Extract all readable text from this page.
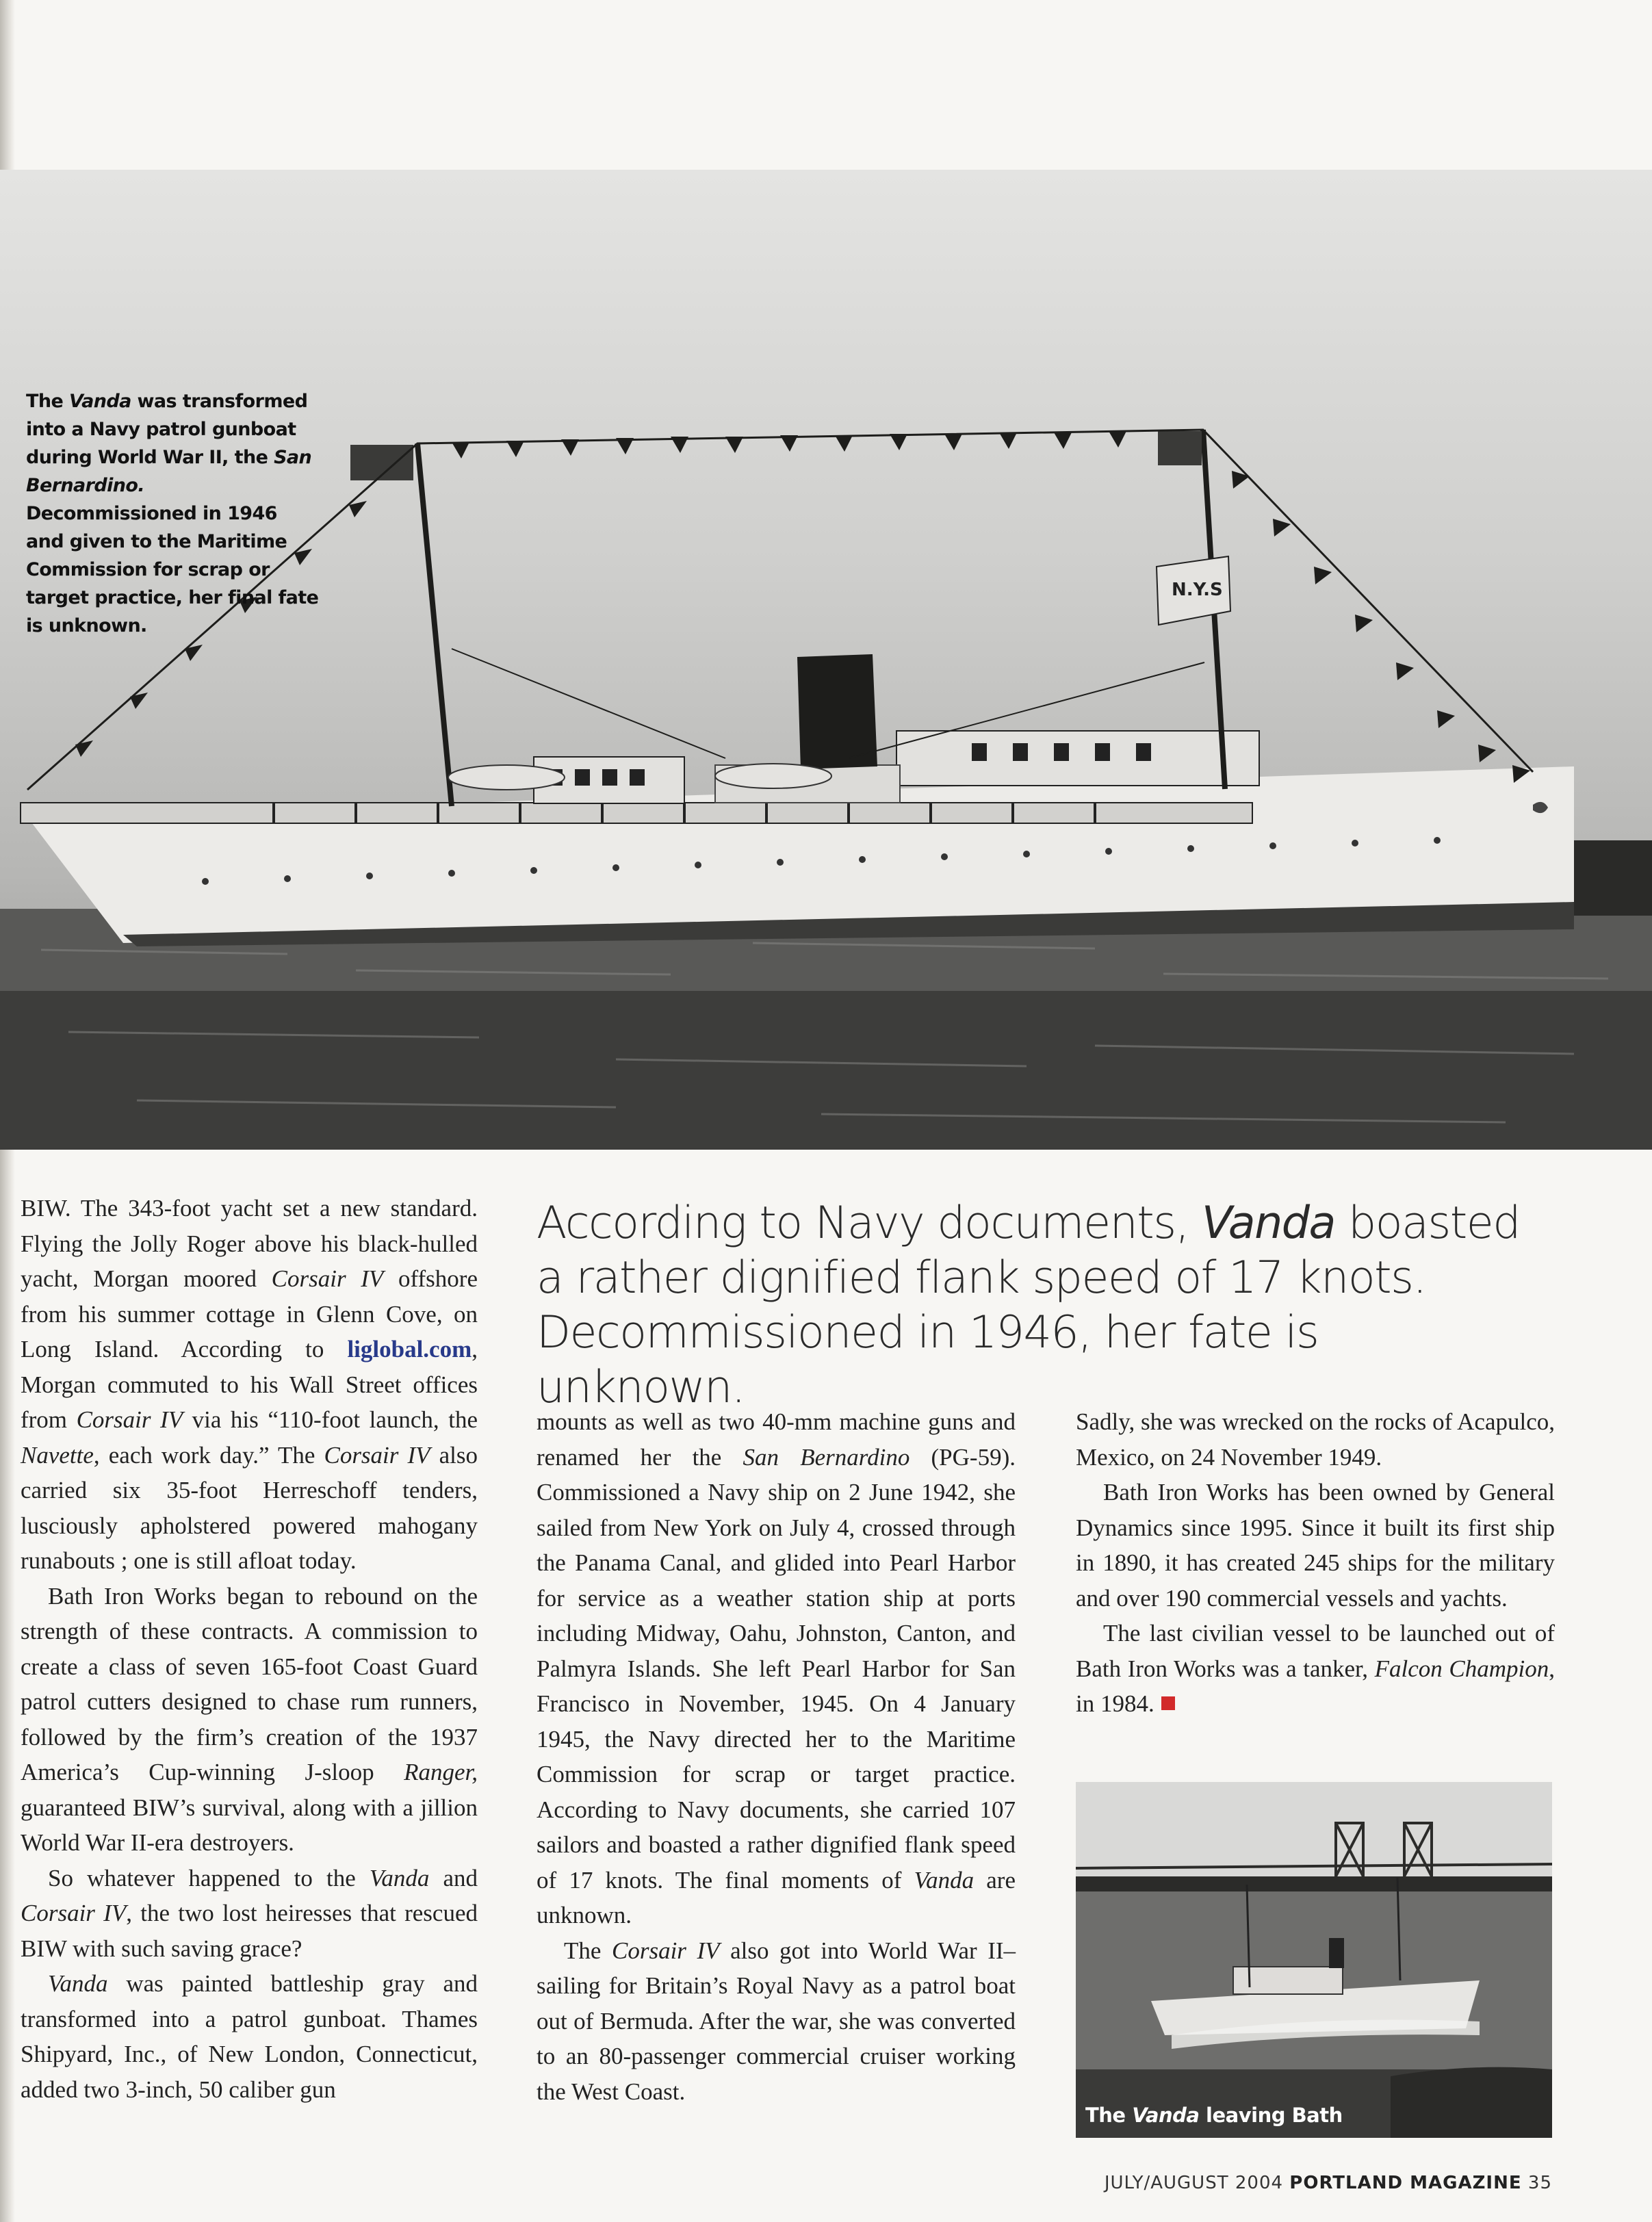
N.Y.S
The Vanda was transformed into a Navy patrol gunboat during World War II, the San Bernardino. Decommissioned in 1946 and given to the Maritime Commission for scrap or target practice, her final fate is unknown.

BIW. The 343-foot yacht set a new standard. Flying the Jolly Roger above his black-hulled yacht, Morgan moored Corsair IV offshore from his summer cottage in Glenn Cove, on Long Island. According to liglobal.com, Morgan commuted to his Wall Street offices from Corsair IV via his “110-foot launch, the Navette, each work day.” The Corsair IV also carried six 35-foot Herreschoff tenders, lusciously apholstered powered mahogany runabouts ; one is still afloat today.

Bath Iron Works began to rebound on the strength of these contracts. A commission to create a class of seven 165-foot Coast Guard patrol cutters designed to chase rum runners, followed by the firm’s creation of the 1937 America’s Cup-winning J-sloop Ranger, guaranteed BIW’s survival, along with a jillion World War II-era destroyers.

So whatever happened to the Vanda and Corsair IV, the two lost heiresses that rescued BIW with such saving grace?

Vanda was painted battleship gray and transformed into a patrol gunboat. Thames Shipyard, Inc., of New London, Connecticut, added two 3-inch, 50 caliber gun

According to Navy documents, Vanda boasted
a rather dignified flank speed of 17 knots.
Decommissioned in 1946, her fate is unknown.

mounts as well as two 40-mm machine guns and renamed her the San Bernardino (PG-59). Commissioned a Navy ship on 2 June 1942, she sailed from New York on July 4, crossed through the Panama Canal, and glided into Pearl Harbor for service as a weather station ship at ports including Midway, Oahu, Johnston, Canton, and Palmyra Islands. She left Pearl Harbor for San Francisco in November, 1945. On 4 January 1945, the Navy directed her to the Maritime Commission for scrap or target practice. According to Navy documents, she carried 107 sailors and boasted a rather dignified flank speed of 17 knots. The final moments of Vanda are unknown.

The Corsair IV also got into World War II–sailing for Britain’s Royal Navy as a patrol boat out of Bermuda. After the war, she was converted to an 80-passenger commercial cruiser working the West Coast.

Sadly, she was wrecked on the rocks of Acapulco, Mexico, on 24 November 1949.

Bath Iron Works has been owned by General Dynamics since 1995. Since it built its first ship in 1890, it has created 245 ships for the military and over 190 commercial vessels and yachts.

The last civilian vessel to be launched out of Bath Iron Works was a tanker, Falcon Champion, in 1984.

The Vanda leaving Bath
JULY/AUGUST 2004 PORTLAND MAGAZINE 35
